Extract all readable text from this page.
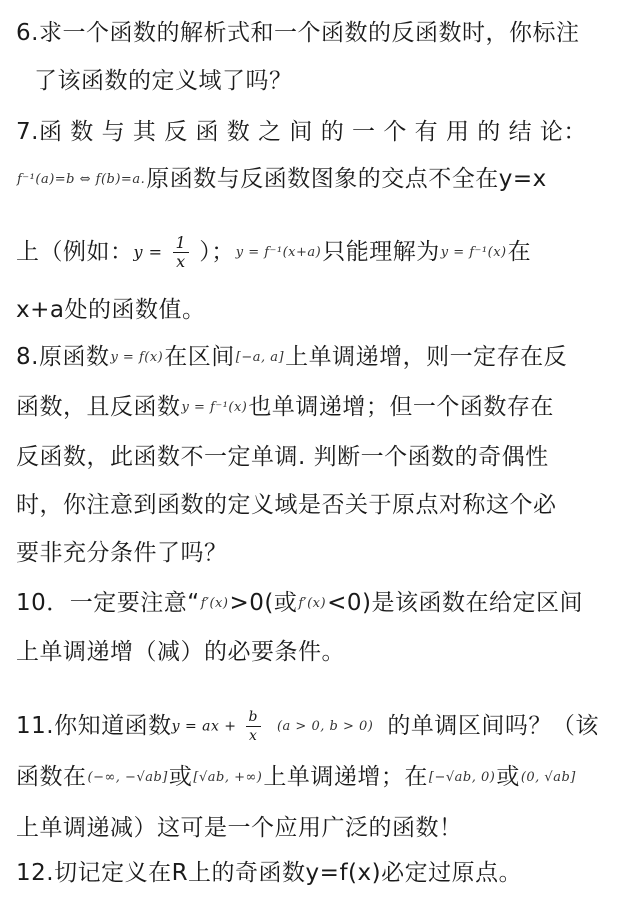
6.求一个函数的解析式和一个函数的反函数时，你标注
了该函数的定义域了吗？
7.函 数 与 其 反 函 数 之 间 的 一 个 有 用 的 结 论：
f⁻¹(a)=b ⇔ f(b)=a.原函数与反函数图象的交点不全在y=x
上（例如：$y = \frac{1}{x}$ ）；y = f⁻¹(x+a)只能理解为y = f⁻¹(x)在
x+a处的函数值。
8.原函数y = f(x)在区间[−a, a]上单调递增，则一定存在反
函数，且反函数y = f⁻¹(x)也单调递增；但一个函数存在
反函数，此函数不一定单调. 判断一个函数的奇偶性
时，你注意到函数的定义域是否关于原点对称这个必
要非充分条件了吗？
10．一定要注意“f′(x)>0(或f′(x)<0)是该函数在给定区间
上单调递增（减）的必要条件。
11.你知道函数y = ax + $\frac{b}{x} (a > 0$, b > 0) 的单调区间吗？（该
函数在(−∞, −√ab]或[√ab, +∞)上单调递增；在[−√ab, 0)或(0, √ab]
上单调递减）这可是一个应用广泛的函数！
12.切记定义在R上的奇函数y=f(x)必定过原点。
